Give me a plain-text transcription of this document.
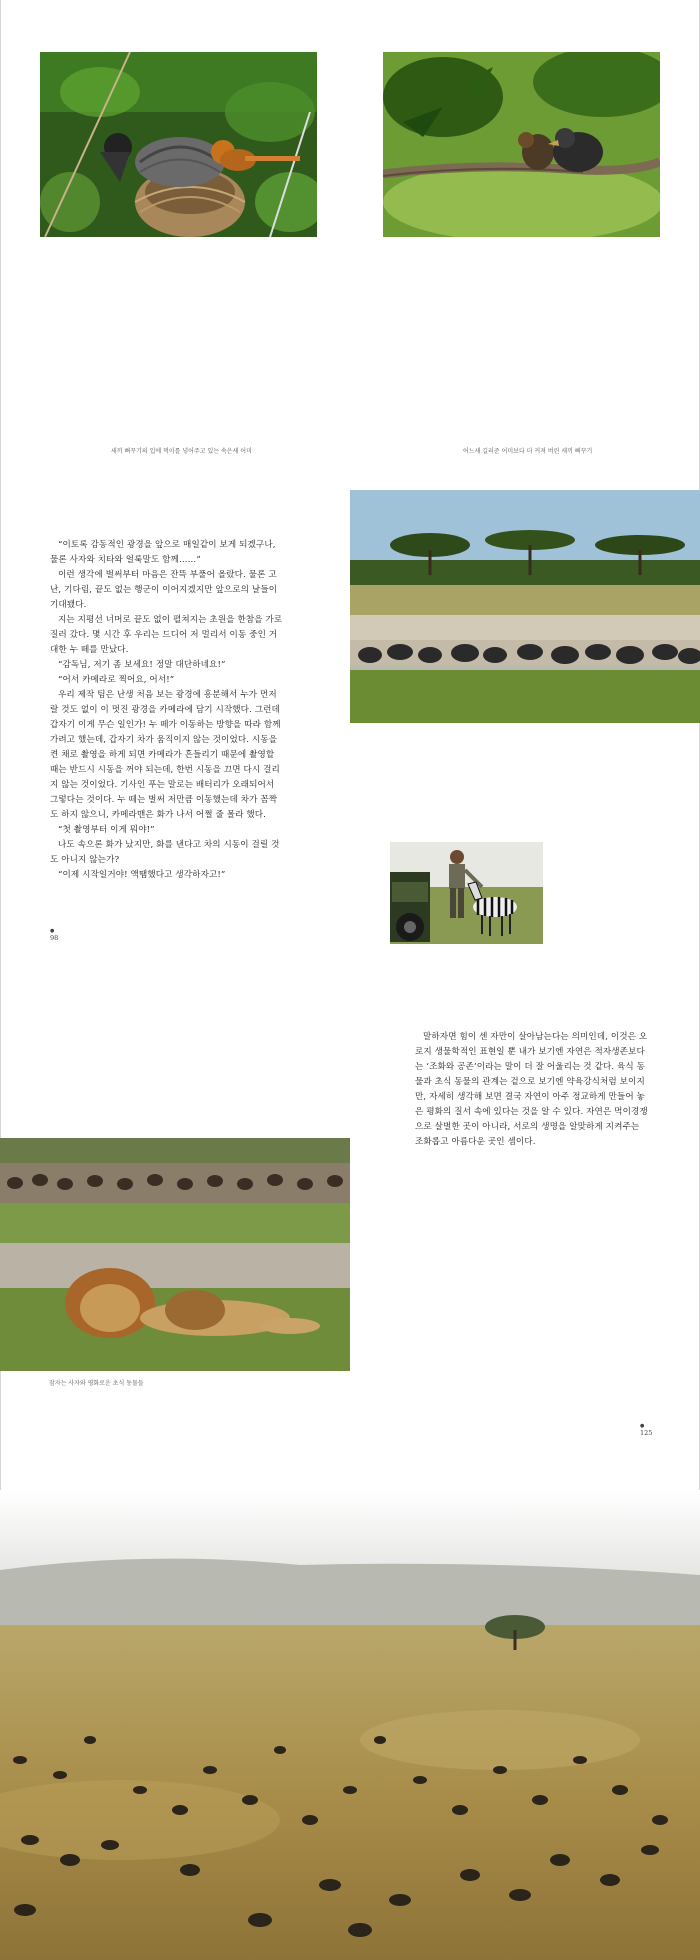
새끼 뻐꾸기의 입에 먹이를 넣어주고 있는 속은새 어미	어느새 길러준 어미보다 더 커져 버린 새끼 뻐꾸기

“이토록 감동적인 광경을 앞으로 매일같이 보게 되겠구나, 물론 사자와 치타와 얼룩말도 함께……”

이런 생각에 벌써부터 마음은 잔뜩 부풀어 올랐다. 물론 고난, 기다림, 끝도 없는 행군이 이어지겠지만 앞으로의 날들이 기대됐다.

지는 지평선 너머로 끝도 없이 펼쳐지는 초원을 한참을 가로질러 갔다. 몇 시간 후 우리는 드디어 저 멀리서 이동 중인 거대한 누 떼를 만났다.

“감독님, 저기 좀 보세요! 정말 대단하네요!”

“어서 카메라로 찍어요, 어서!”

우리 제작 팀은 난생 처음 보는 광경에 흥분해서 누가 먼저랄 것도 없이 이 멋진 광경을 카메라에 담기 시작했다. 그런데 갑자기 이게 무슨 일인가! 누 떼가 이동하는 방향을 따라 함께 가려고 했는데, 갑자기 차가 움직이지 않는 것이었다. 시동을 켠 채로 촬영을 하게 되면 카메라가 흔들리기 때문에 촬영할 때는 반드시 시동을 꺼야 되는데, 한번 시동을 끄면 다시 걸리지 않는 것이었다. 기사인 푸는 말로는 배터리가 오래되어서 그렇다는 것이다. 누 떼는 벌써 저만큼 이동했는데 차가 꼼짝도 하지 않으니, 카메라맨은 화가 나서 어쩔 줄 몰라 했다.

“첫 촬영부터 이게 뭐야!”

나도 속으론 화가 났지만, 화를 낸다고 차의 시동이 걸릴 것도 아니지 않는가?

“이제 시작일거야! 액땜했다고 생각하자고!”

●
98

말하자면 힘이 센 자만이 살아남는다는 의미인데, 이것은 오로지 생물학적인 표현일 뿐 내가 보기엔 자연은 적자생존보다는 ‘조화와 공존’이라는 말이 더 잘 어울리는 것 같다. 육식 동물과 초식 동물의 관계는 겉으로 보기엔 약육강식처럼 보이지만, 자세히 생각해 보면 결국 자연이 아주 정교하게 만들어 놓은 평화의 질서 속에 있다는 것을 알 수 있다. 자연은 먹이경쟁으로 살벌한 곳이 아니라, 서로의 생명을 알맞하게 지켜주는 조화롭고 아름다운 곳인 셈이다.

잠자는 사자와 평화로운 초식 동물들
●
125
